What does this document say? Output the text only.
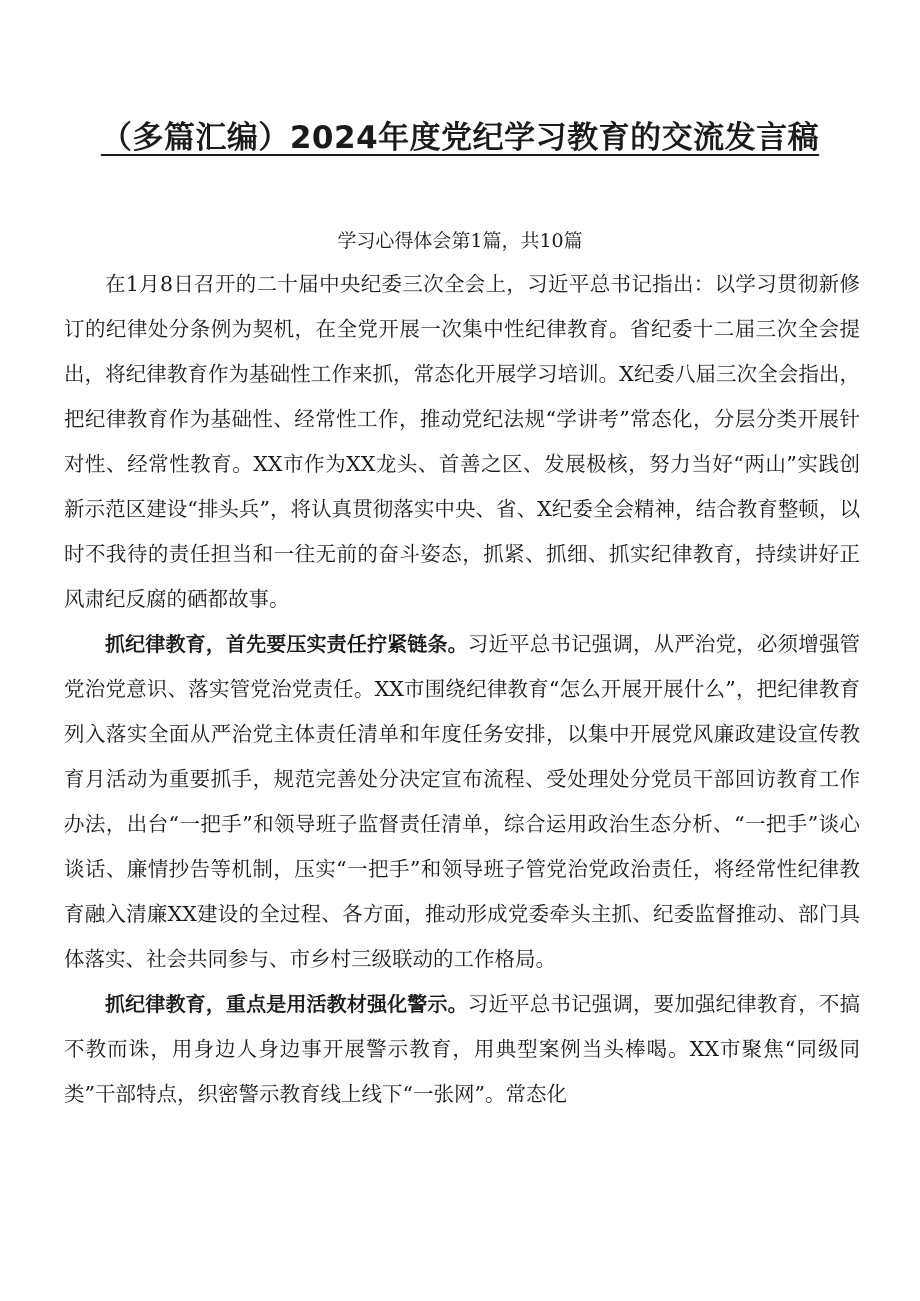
（多篇汇编）2024年度党纪学习教育的交流发言稿
学习心得体会第1篇，共10篇

在1月8日召开的二十届中央纪委三次全会上，习近平总书记指出：以学习贯彻新修订的纪律处分条例为契机，在全党开展一次集中性纪律教育。省纪委十二届三次全会提出，将纪律教育作为基础性工作来抓，常态化开展学习培训。X纪委八届三次全会指出，把纪律教育作为基础性、经常性工作，推动党纪法规“学讲考”常态化，分层分类开展针对性、经常性教育。XX市作为XX龙头、首善之区、发展极核，努力当好“两山”实践创新示范区建设“排头兵”，将认真贯彻落实中央、省、X纪委全会精神，结合教育整顿，以时不我待的责任担当和一往无前的奋斗姿态，抓紧、抓细、抓实纪律教育，持续讲好正风肃纪反腐的硒都故事。

抓纪律教育，首先要压实责任拧紧链条。习近平总书记强调，从严治党，必须增强管党治党意识、落实管党治党责任。XX市围绕纪律教育“怎么开展开展什么”，把纪律教育列入落实全面从严治党主体责任清单和年度任务安排，以集中开展党风廉政建设宣传教育月活动为重要抓手，规范完善处分决定宣布流程、受处理处分党员干部回访教育工作办法，出台“一把手”和领导班子监督责任清单，综合运用政治生态分析、“一把手”谈心谈话、廉情抄告等机制，压实“一把手”和领导班子管党治党政治责任，将经常性纪律教育融入清廉XX建设的全过程、各方面，推动形成党委牵头主抓、纪委监督推动、部门具体落实、社会共同参与、市乡村三级联动的工作格局。

抓纪律教育，重点是用活教材强化警示。习近平总书记强调，要加强纪律教育，不搞不教而诛，用身边人身边事开展警示教育，用典型案例当头棒喝。XX市聚焦“同级同类”干部特点，织密警示教育线上线下“一张网”。常态化
